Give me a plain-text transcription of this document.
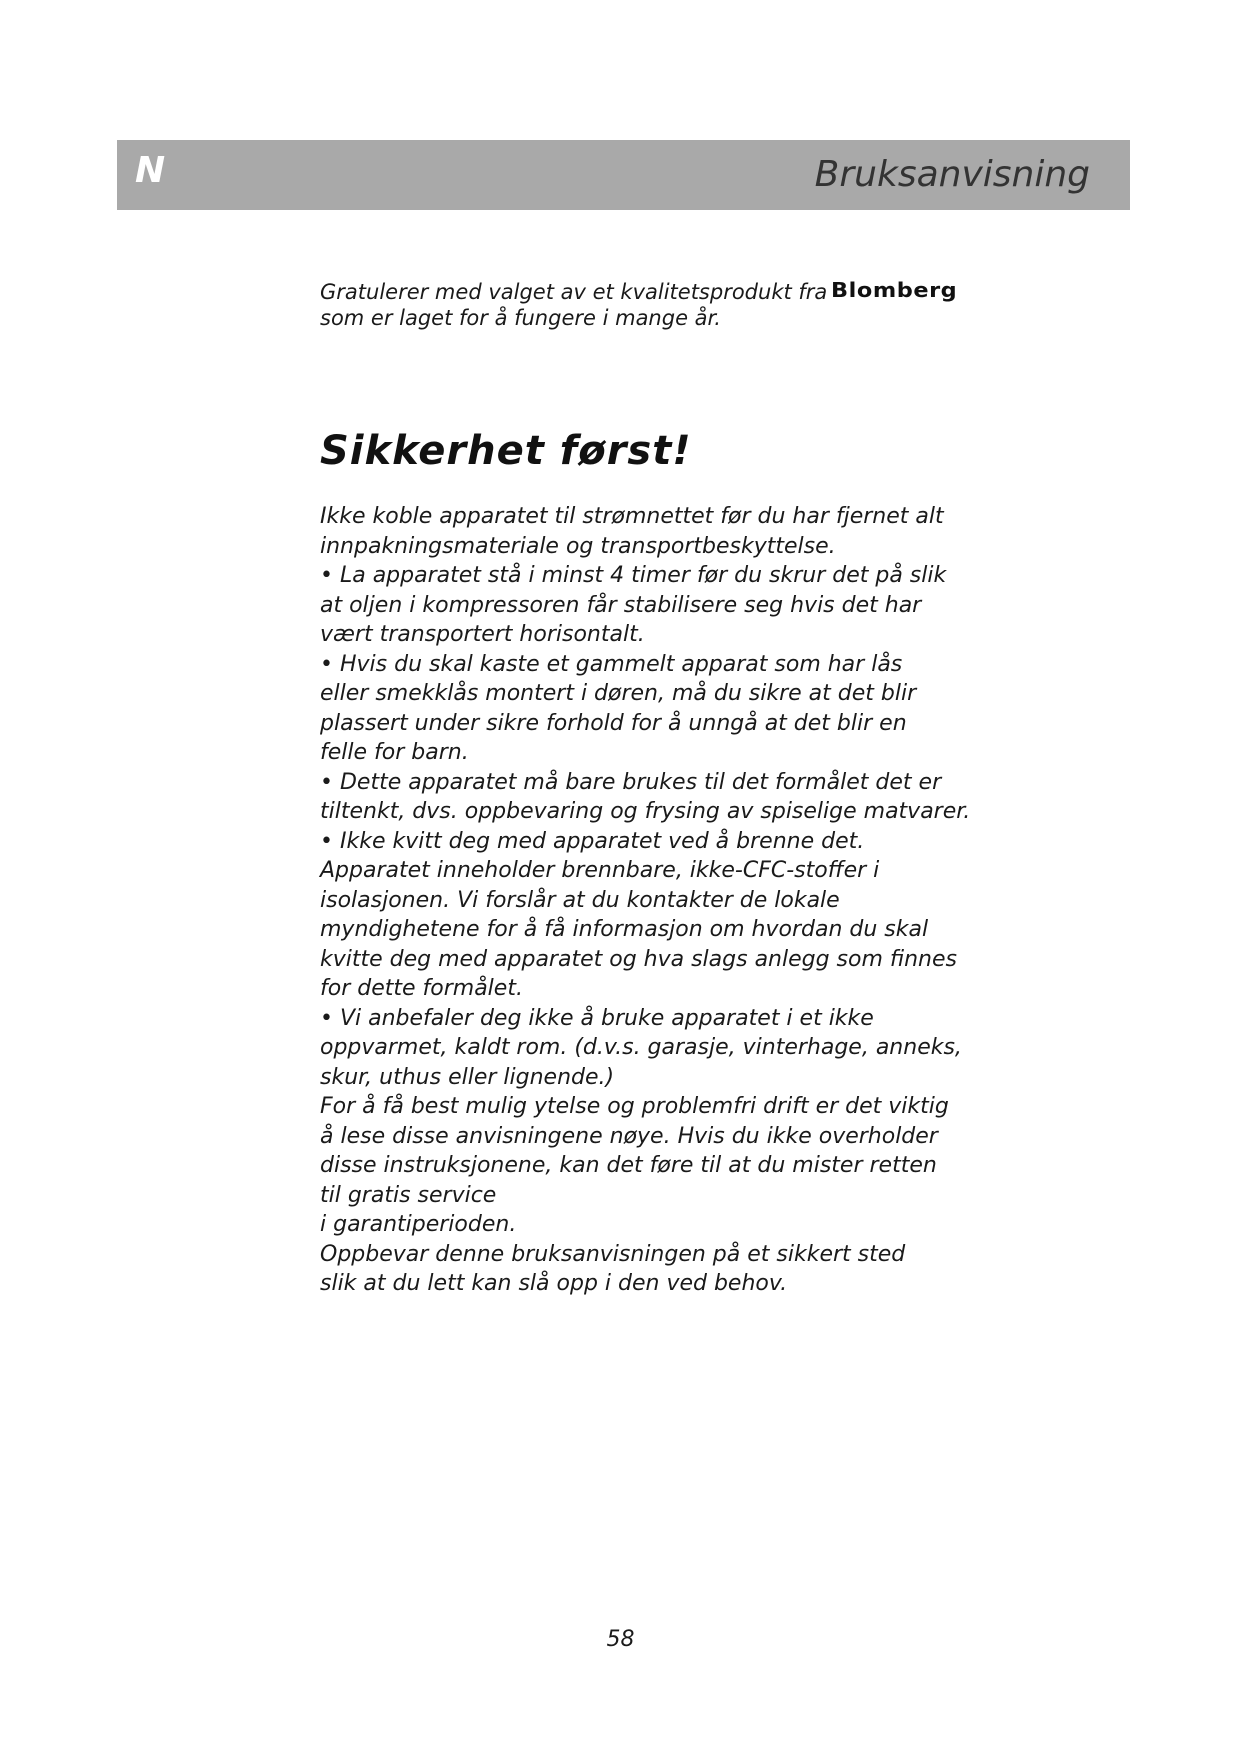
N	Bruksanvisning
Gratulerer med valget av et kvalitetsprodukt fra Blomberg
som er laget for å fungere i mange år.
Sikkerhet først!
Ikke koble apparatet til strømnettet før du har fjernet alt
innpakningsmateriale og transportbeskyttelse.
• La apparatet stå i minst 4 timer før du skrur det på slik
at oljen i kompressoren får stabilisere seg hvis det har
vært transportert horisontalt.
• Hvis du skal kaste et gammelt apparat som har lås
eller smekklås montert i døren, må du sikre at det blir
plassert under sikre forhold for å unngå at det blir en
felle for barn.
• Dette apparatet må bare brukes til det formålet det er
tiltenkt, dvs. oppbevaring og frysing av spiselige matvarer.
• Ikke kvitt deg med apparatet ved å brenne det.
Apparatet inneholder brennbare, ikke-CFC-stoffer i
isolasjonen. Vi forslår at du kontakter de lokale
myndighetene for å få informasjon om hvordan du skal
kvitte deg med apparatet og hva slags anlegg som finnes
for dette formålet.
• Vi anbefaler deg ikke å bruke apparatet i et ikke
oppvarmet, kaldt rom. (d.v.s. garasje, vinterhage, anneks,
skur, uthus eller lignende.)
For å få best mulig ytelse og problemfri drift er det viktig
å lese disse anvisningene nøye. Hvis du ikke overholder
disse instruksjonene, kan det føre til at du mister retten
til gratis service
i garantiperioden.
Oppbevar denne bruksanvisningen på et sikkert sted
slik at du lett kan slå opp i den ved behov.
58
